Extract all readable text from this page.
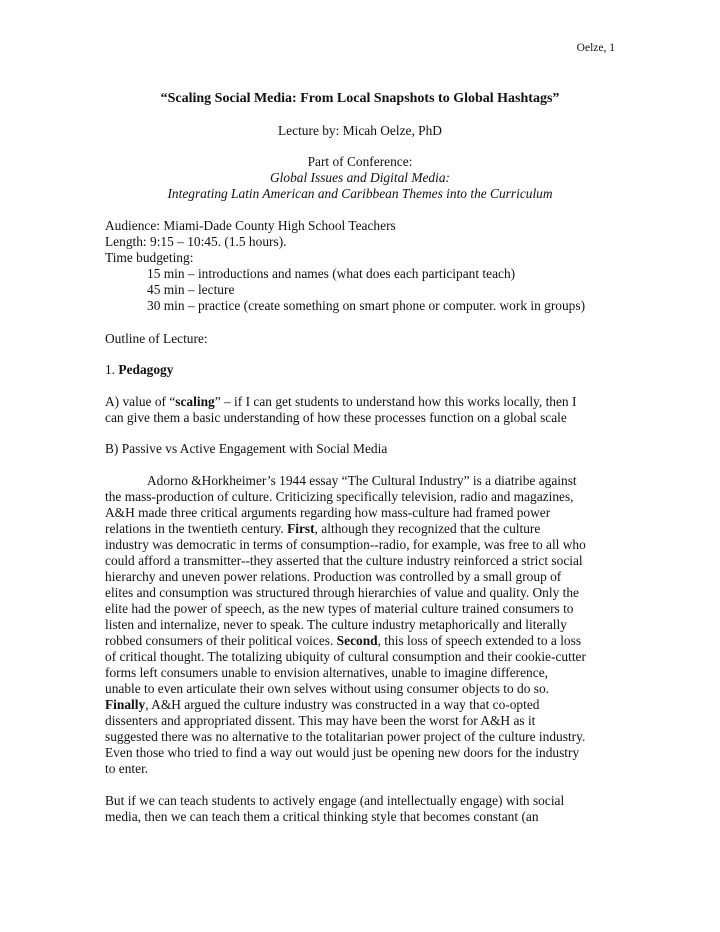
Oelze, 1
“Scaling Social Media: From Local Snapshots to Global Hashtags”
Lecture by: Micah Oelze, PhD
Part of Conference:
Global Issues and Digital Media:
Integrating Latin American and Caribbean Themes into the Curriculum
Audience: Miami-Dade County High School Teachers
Length: 9:15 – 10:45. (1.5 hours).
Time budgeting:
15 min – introductions and names (what does each participant teach)
45 min – lecture
30 min – practice (create something on smart phone or computer. work in groups)
Outline of Lecture:
1. Pedagogy
A) value of “scaling” – if I can get students to understand how this works locally, then I
can give them a basic understanding of how these processes function on a global scale
B) Passive vs Active Engagement with Social Media
Adorno &Horkheimer’s 1944 essay “The Cultural Industry” is a diatribe against
the mass-production of culture. Criticizing specifically television, radio and magazines,
A&H made three critical arguments regarding how mass-culture had framed power
relations in the twentieth century. First, although they recognized that the culture
industry was democratic in terms of consumption--radio, for example, was free to all who
could afford a transmitter--they asserted that the culture industry reinforced a strict social
hierarchy and uneven power relations. Production was controlled by a small group of
elites and consumption was structured through hierarchies of value and quality. Only the
elite had the power of speech, as the new types of material culture trained consumers to
listen and internalize, never to speak. The culture industry metaphorically and literally
robbed consumers of their political voices. Second, this loss of speech extended to a loss
of critical thought. The totalizing ubiquity of cultural consumption and their cookie-cutter
forms left consumers unable to envision alternatives, unable to imagine difference,
unable to even articulate their own selves without using consumer objects to do so.
Finally, A&H argued the culture industry was constructed in a way that co-opted
dissenters and appropriated dissent. This may have been the worst for A&H as it
suggested there was no alternative to the totalitarian power project of the culture industry.
Even those who tried to find a way out would just be opening new doors for the industry
to enter.
But if we can teach students to actively engage (and intellectually engage) with social
media, then we can teach them a critical thinking style that becomes constant (an
